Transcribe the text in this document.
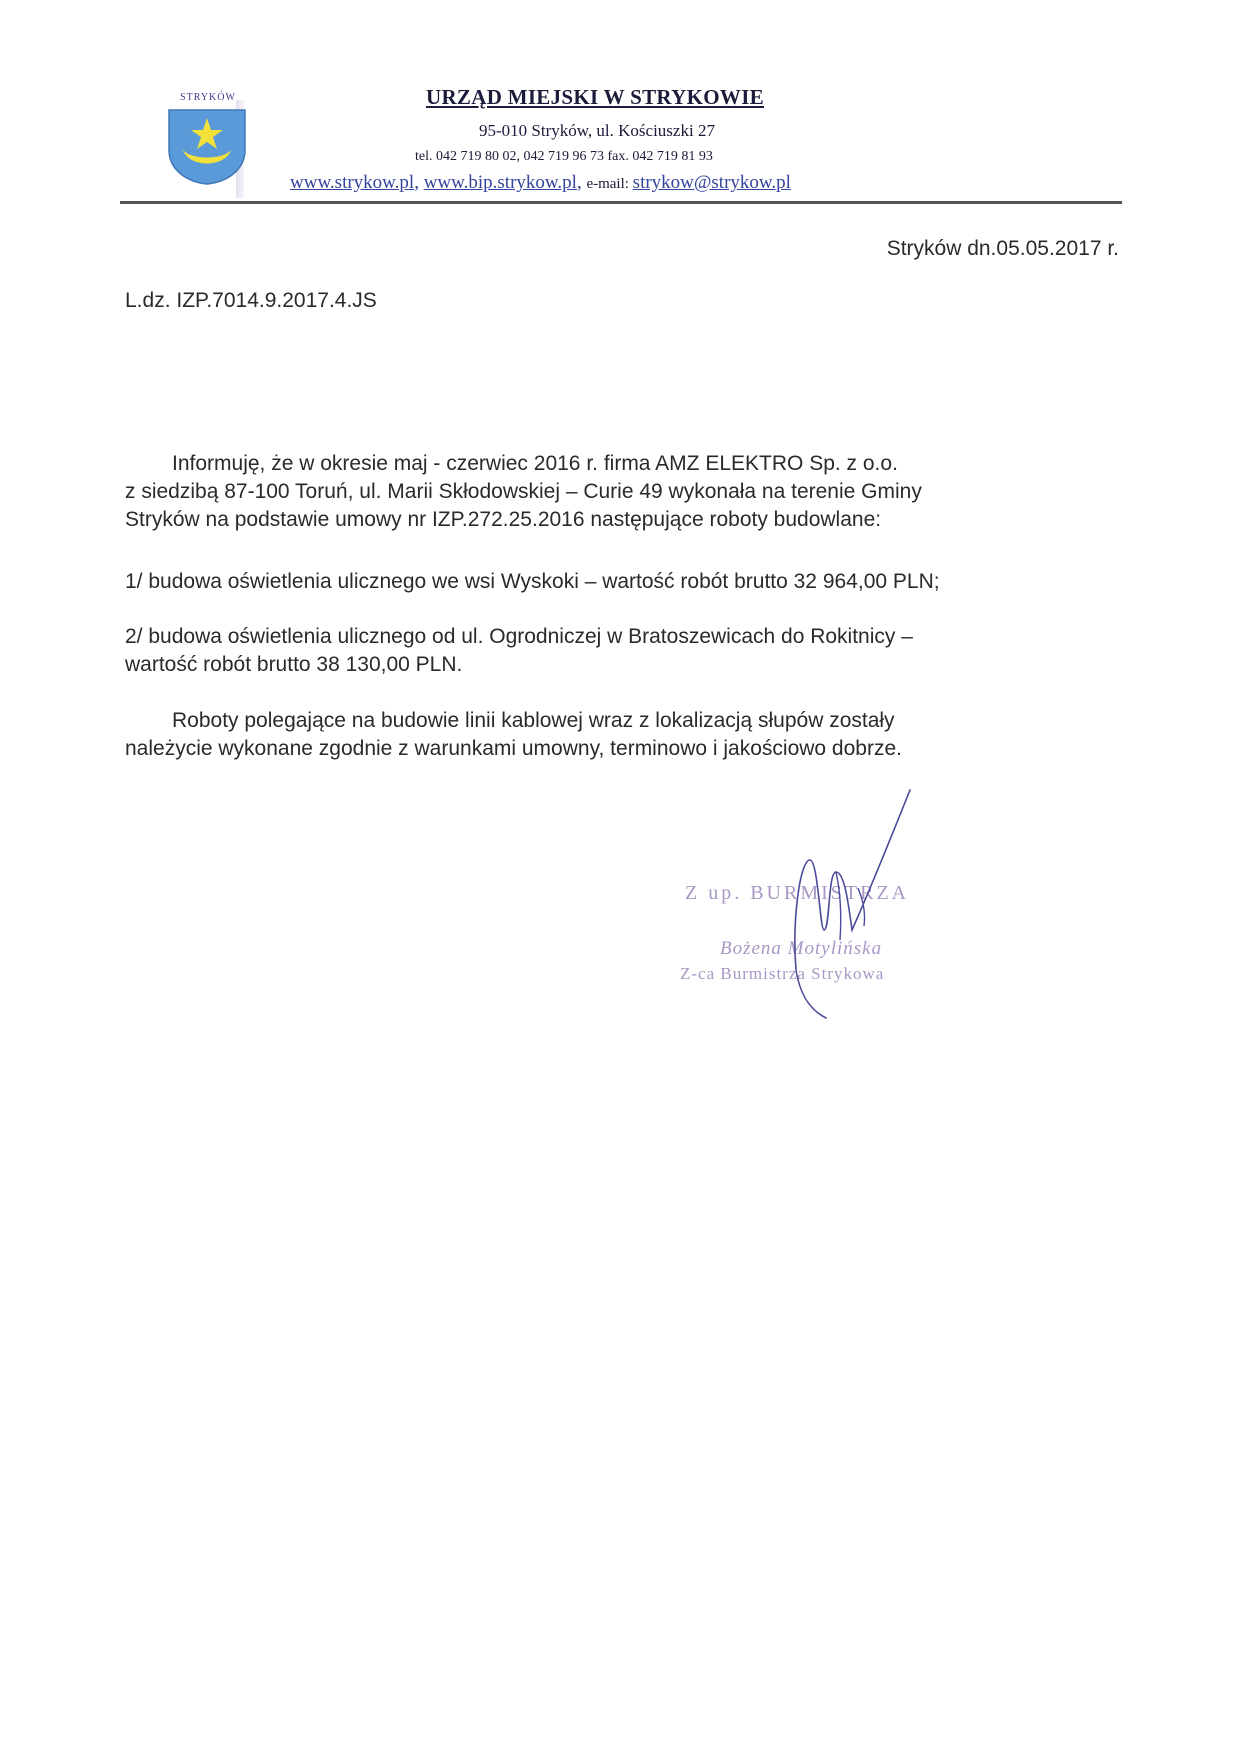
STRYKÓW	URZĄD MIEJSKI W STRYKOWIE
95-010 Stryków, ul. Kościuszki 27
tel. 042 719 80 02, 042 719 96 73 fax. 042 719 81 93
www.strykow.pl, www.bip.strykow.pl, e-mail: strykow@strykow.pl
Stryków dn.05.05.2017 r.
L.dz. IZP.7014.9.2017.4.JS
Informuję, że w okresie maj - czerwiec 2016 r. firma AMZ ELEKTRO Sp. z o.o.
z siedzibą 87-100 Toruń, ul. Marii Skłodowskiej – Curie 49 wykonała na terenie Gminy
Stryków na podstawie umowy nr IZP.272.25.2016 następujące roboty budowlane:
1/ budowa oświetlenia ulicznego we wsi Wyskoki – wartość robót brutto 32 964,00 PLN;
2/ budowa oświetlenia ulicznego od ul. Ogrodniczej w Bratoszewicach do Rokitnicy –
wartość robót brutto 38 130,00 PLN.
Roboty polegające na budowie linii kablowej wraz z lokalizacją słupów zostały
należycie wykonane zgodnie z warunkami umowny, terminowo i jakościowo dobrze.
Z up. BURMISTRZA
Bożena Motylińska
Z-ca Burmistrza Strykowa
